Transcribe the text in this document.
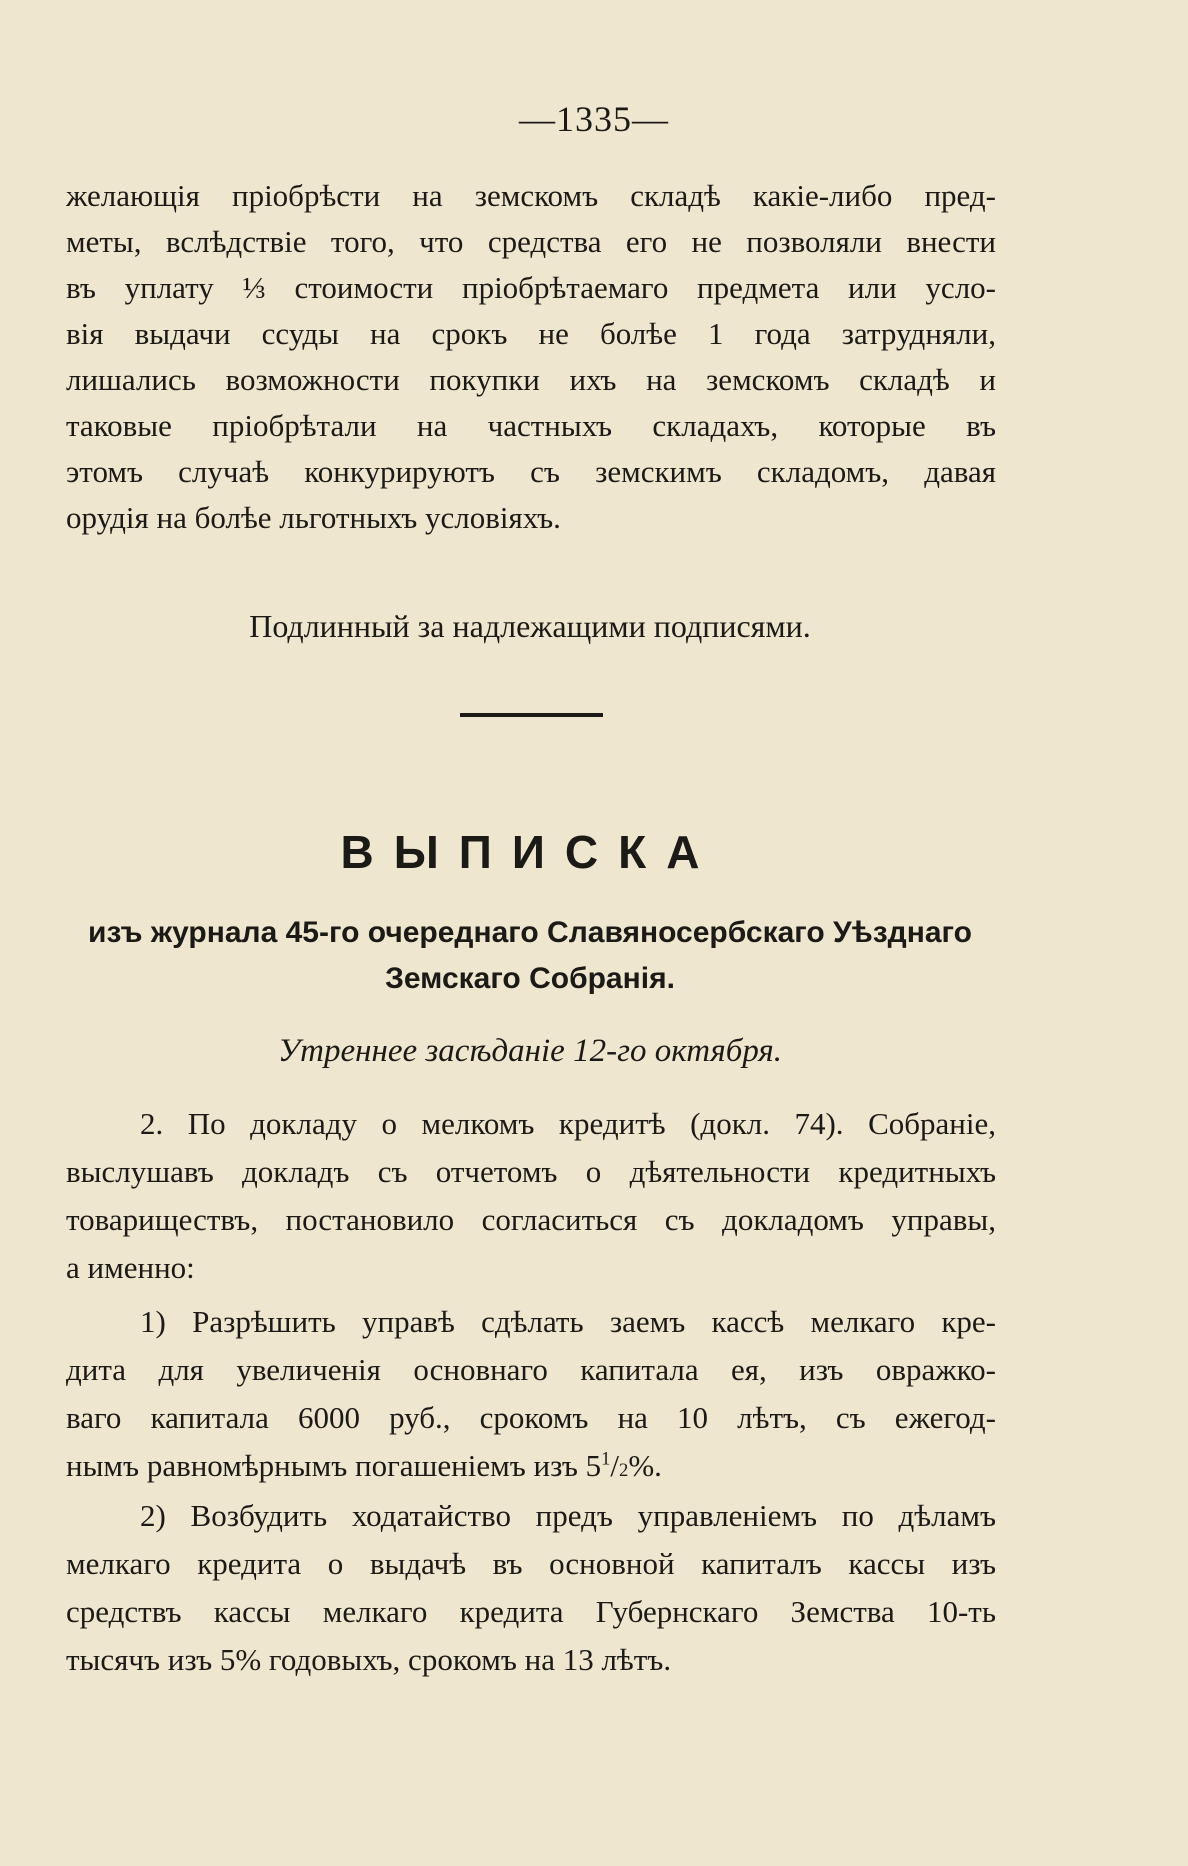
—1335—
желающія пріобрѣсти на земскомъ складѣ какіе-либо пред-
меты, вслѣдствіе того, что средства его не позволяли внести
въ уплату ⅓ стоимости пріобрѣтаемаго предмета или усло-
вія выдачи ссуды на срокъ не болѣе 1 года затрудняли,
лишались возможности покупки ихъ на земскомъ складѣ и
таковые пріобрѣтали на частныхъ складахъ, которые въ
этомъ случаѣ конкурируютъ съ земскимъ складомъ, давая
орудія на болѣе льготныхъ условіяхъ.
Подлинный за надлежащими подписями.
ВЫПИСКА
изъ журнала 45-го очереднаго Славяносербскаго Уѣзднаго
Земскаго Собранія.
Утреннее засѣданіе 12-го октября.
2. По докладу о мелкомъ кредитѣ (докл. 74). Собраніе,
выслушавъ докладъ съ отчетомъ о дѣятельности кредитныхъ
товариществъ, постановило согласиться съ докладомъ управы,
а именно:
1) Разрѣшить управѣ сдѣлать заемъ кассѣ мелкаго кре-
дита для увеличенія основнаго капитала ея, изъ овражко-
ваго капитала 6000 руб., срокомъ на 10 лѣтъ, съ ежегод-
нымъ равномѣрнымъ погашеніемъ изъ $5^1/2\%$.
2) Возбудить ходатайство предъ управленіемъ по дѣламъ
мелкаго кредита о выдачѣ въ основной капиталъ кассы изъ
средствъ кассы мелкаго кредита Губернскаго Земства 10-ть
тысячъ изъ 5% годовыхъ, срокомъ на 13 лѣтъ.
